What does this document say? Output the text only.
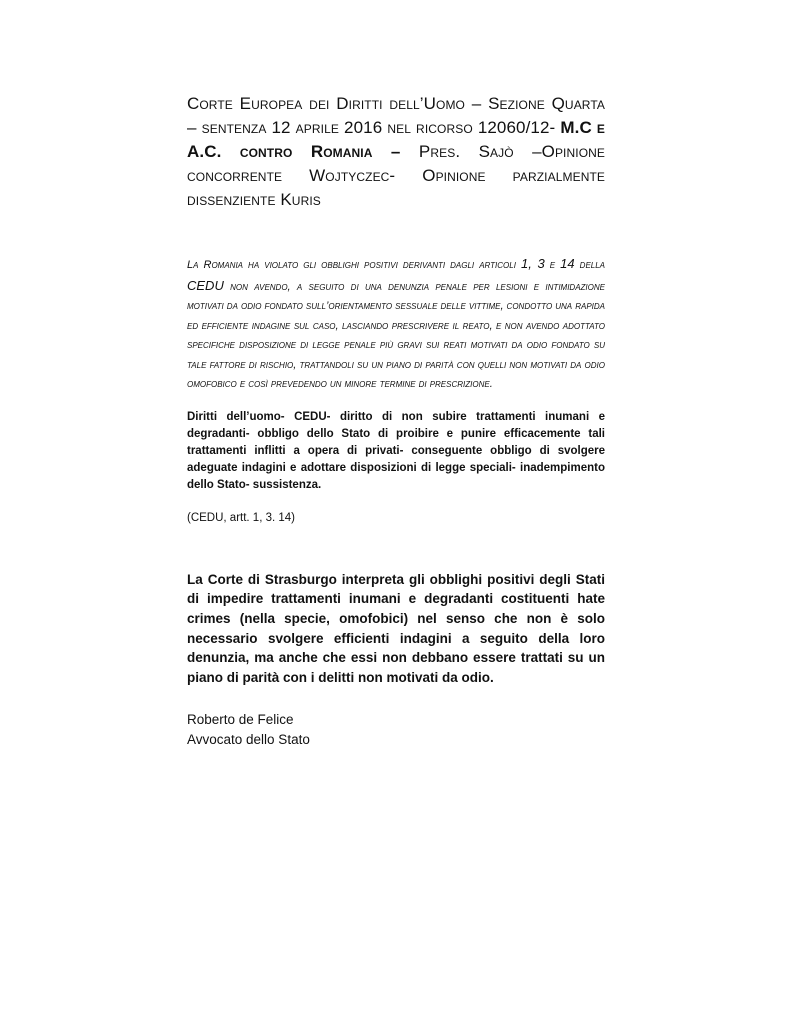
Corte Europea dei Diritti dell’Uomo – Sezione Quarta – sentenza 12 aprile 2016 nel ricorso 12060/12- M.C e A.C. contro Romania – Pres. Sajò –Opinione concorrente Wojtyczec- Opinione parzialmente dissenziente Kuris

La Romania ha violato gli obblighi positivi derivanti dagli articoli 1, 3 e 14 della CEDU non avendo, a seguito di una denunzia penale per lesioni e intimidazione motivati da odio fondato sull’orientamento sessuale delle vittime, condotto una rapida ed efficiente indagine sul caso, lasciando prescrivere il reato, e non avendo adottato specifiche disposizione di legge penale più gravi sui reati motivati da odio fondato su tale fattore di rischio, trattandoli su un piano di parità con quelli non motivati da odio omofobico e così prevedendo un minore termine di prescrizione.

Diritti dell’uomo- CEDU- diritto di non subire trattamenti inumani e degradanti- obbligo dello Stato di proibire e punire efficacemente tali trattamenti inflitti a opera di privati- conseguente obbligo di svolgere adeguate indagini e adottare disposizioni di legge speciali- inadempimento dello Stato- sussistenza.

(CEDU, artt. 1, 3. 14)

La Corte di Strasburgo interpreta gli obblighi positivi degli Stati di impedire trattamenti inumani e degradanti costituenti hate crimes (nella specie, omofobici) nel senso che non è solo necessario svolgere efficienti indagini a seguito della loro denunzia, ma anche che essi non debbano essere trattati su un piano di parità con i delitti non motivati da odio.

Roberto de Felice
Avvocato dello Stato
